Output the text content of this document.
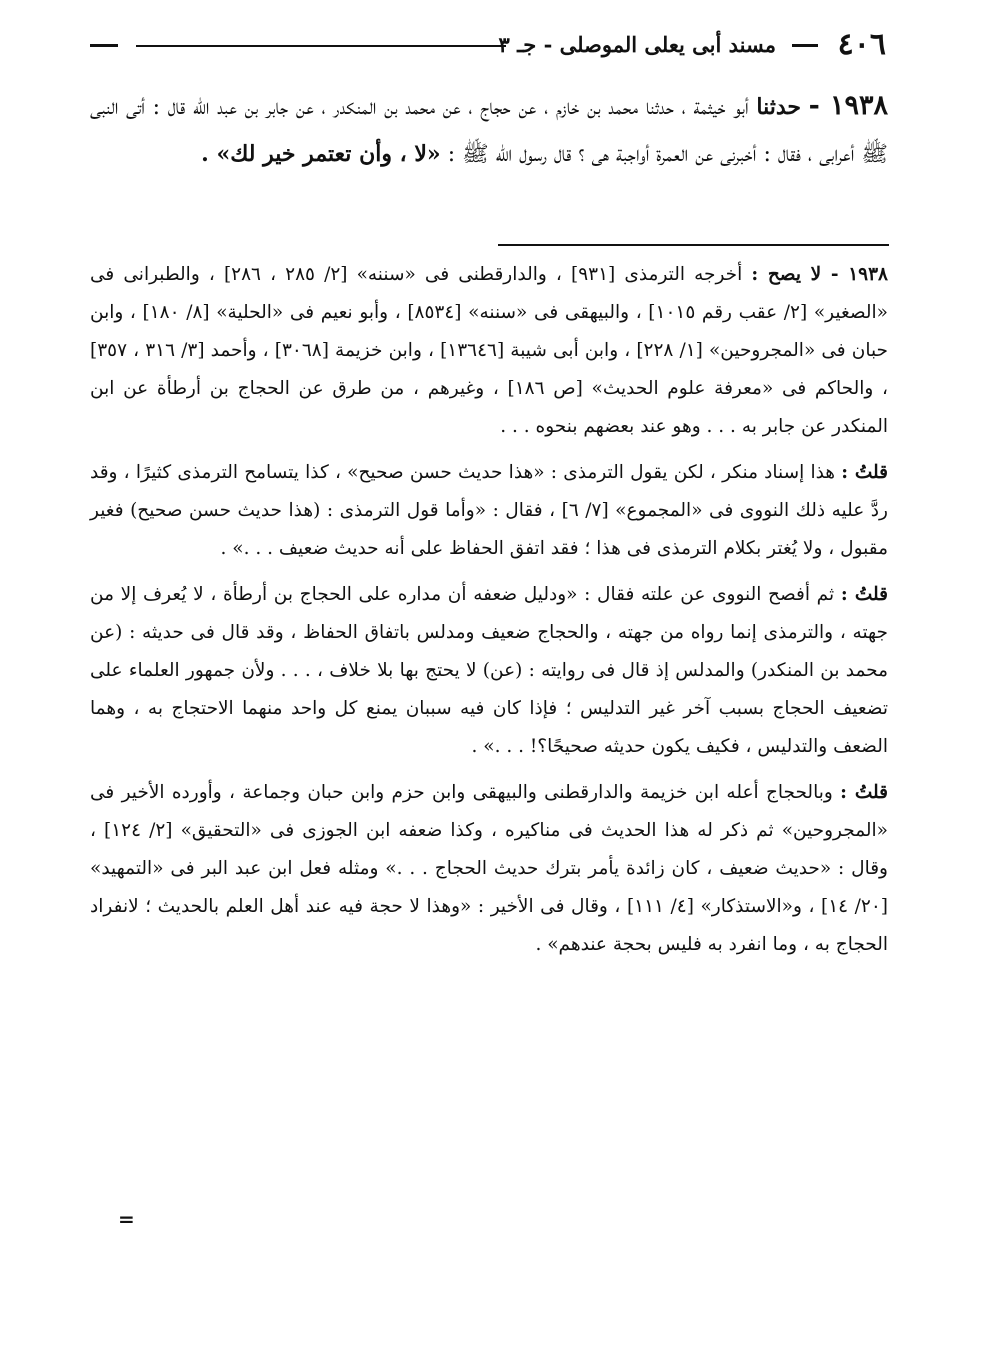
٤٠٦
مسند أبى يعلى الموصلى - جـ ٣
١٩٣٨ - حدثنا أبو خيثمة ، حدثنا محمد بن خازم ، عن حجاج ، عن محمد بن المنكدر ، عن جابر بن عبد الله قال : أتى النبى ﷺ أعرابى ، فقال : أخبرنى عن العمرة أواجبة هى ؟ قال رسول الله ﷺ : «لا ، وأن تعتمر خير لك» .

١٩٣٨ - لا يصح : أخرجه الترمذى [٩٣١] ، والدارقطنى فى «سننه» [٢/ ٢٨٥ ، ٢٨٦] ، والطبرانى فى «الصغير» [٢/ عقب رقم ١٠١٥] ، والبيهقى فى «سننه» [٨٥٣٤] ، وأبو نعيم فى «الحلية» [٨/ ١٨٠] ، وابن حبان فى «المجروحين» [١/ ٢٢٨] ، وابن أبى شيبة [١٣٦٤٦] ، وابن خزيمة [٣٠٦٨] ، وأحمد [٣/ ٣١٦ ، ٣٥٧] ، والحاكم فى «معرفة علوم الحديث» [ص ١٨٦] ، وغيرهم ، من طرق عن الحجاج بن أرطأة عن ابن المنكدر عن جابر به . . . وهو عند بعضهم بنحوه . . .

قلتُ : هذا إسناد منكر ، لكن يقول الترمذى : «هذا حديث حسن صحيح» ، كذا يتسامح الترمذى كثيرًا ، وقد ردَّ عليه ذلك النووى فى «المجموع» [٧/ ٦] ، فقال : «وأما قول الترمذى : (هذا حديث حسن صحيح) فغير مقبول ، ولا يُغتر بكلام الترمذى فى هذا ؛ فقد اتفق الحفاظ على أنه حديث ضعيف . . .» .

قلتُ : ثم أفصح النووى عن علته فقال : «ودليل ضعفه أن مداره على الحجاج بن أرطأة ، لا يُعرف إلا من جهته ، والترمذى إنما رواه من جهته ، والحجاج ضعيف ومدلس باتفاق الحفاظ ، وقد قال فى حديثه : (عن محمد بن المنكدر) والمدلس إذ قال فى روايته : (عن) لا يحتج بها بلا خلاف ، . . . ولأن جمهور العلماء على تضعيف الحجاج بسبب آخر غير التدليس ؛ فإذا كان فيه سببان يمنع كل واحد منهما الاحتجاج به ، وهما الضعف والتدليس ، فكيف يكون حديثه صحيحًا؟! . . .» .

قلتُ : وبالحجاج أعله ابن خزيمة والدارقطنى والبيهقى وابن حزم وابن حبان وجماعة ، وأورده الأخير فى «المجروحين» ثم ذكر له هذا الحديث فى مناكيره ، وكذا ضعفه ابن الجوزى فى «التحقيق» [٢/ ١٢٤] ، وقال : «حديث ضعيف ، كان زائدة يأمر بترك حديث الحجاج . . .» ومثله فعل ابن عبد البر فى «التمهيد» [٢٠/ ١٤] ، و«الاستذكار» [٤/ ١١١] ، وقال فى الأخير : «وهذا لا حجة فيه عند أهل العلم بالحديث ؛ لانفراد الحجاج به ، وما انفرد به فليس بحجة عندهم» .

=
